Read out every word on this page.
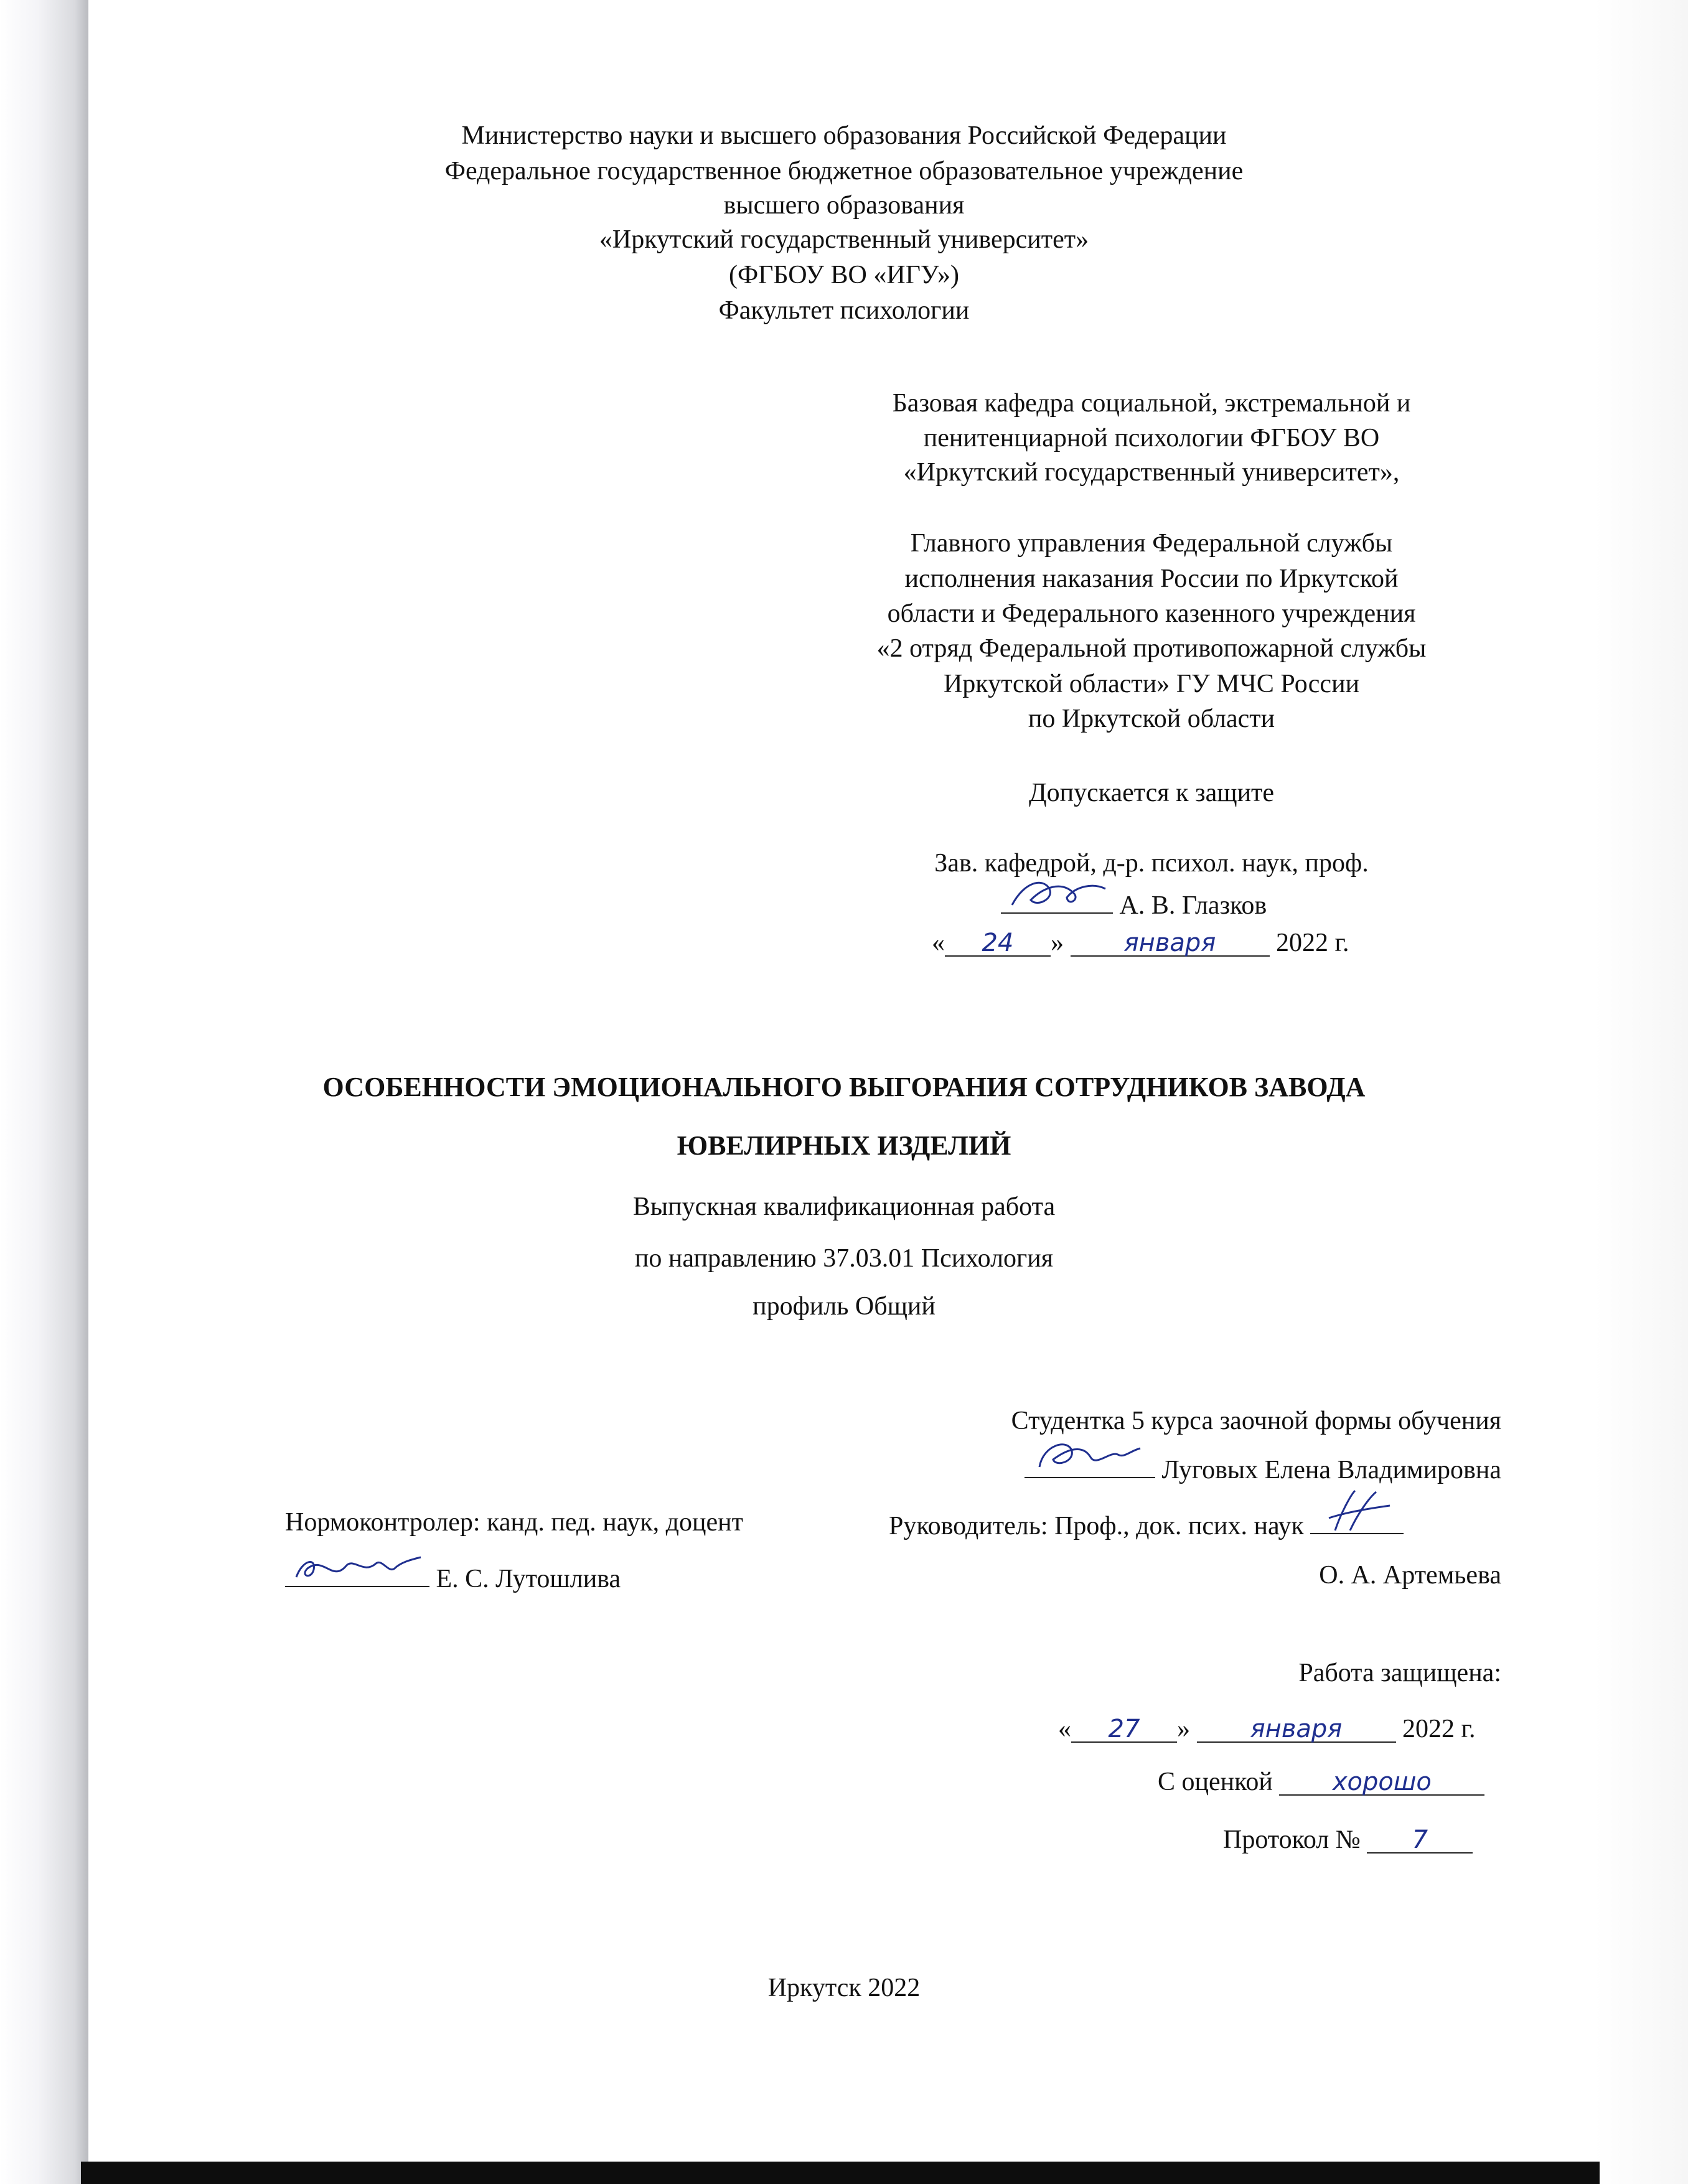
Министерство науки и высшего образования Российской Федерации
Федеральное государственное бюджетное образовательное учреждение
высшего образования
«Иркутский государственный университет»
(ФГБОУ ВО «ИГУ»)
Факультет психологии
Базовая кафедра социальной, экстремальной и
пенитенциарной психологии ФГБОУ ВО
«Иркутский государственный университет»,
Главного управления Федеральной службы
исполнения наказания России по Иркутской
области и Федерального казенного учреждения
«2 отряд Федеральной противопожарной службы
Иркутской области» ГУ МЧС России
по Иркутской области
Допускается к защите
Зав. кафедрой, д-р. психол. наук, проф.
А. В. Глазков
« 24 » января 2022 г.
ОСОБЕННОСТИ ЭМОЦИОНАЛЬНОГО ВЫГОРАНИЯ СОТРУДНИКОВ ЗАВОДА
ЮВЕЛИРНЫХ ИЗДЕЛИЙ
Выпускная квалификационная работа
по направлению 37.03.01 Психология
профиль Общий
Студентка 5 курса заочной формы обучения
Луговых Елена Владимировна
Нормоконтролер: канд. пед. наук, доцент
Е. С. Лутошлива
Руководитель: Проф., док. псих. наук
О. А. Артемьева
Работа защищена:
« 27 » января 2022 г.
С оценкой хорошо
Протокол № 7
Иркутск 2022
